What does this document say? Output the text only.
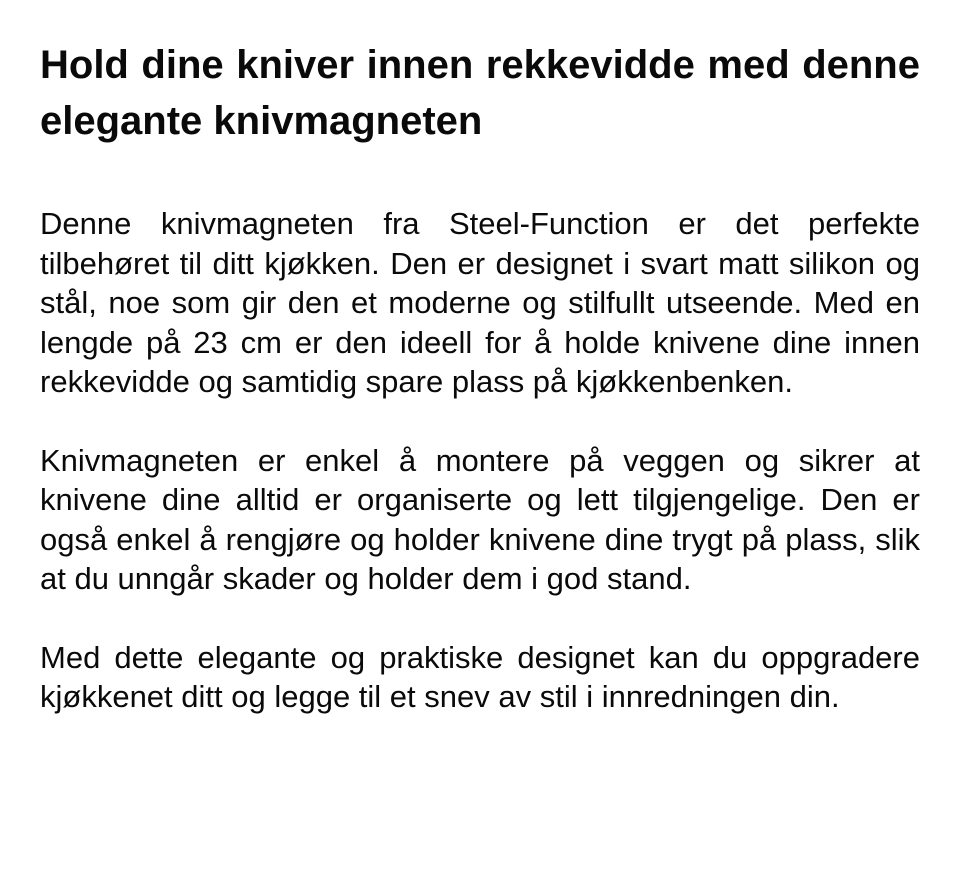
Hold dine kniver innen rekkevidde med denne elegante knivmagneten

Denne knivmagneten fra Steel-Function er det perfekte tilbehøret til ditt kjøkken. Den er designet i svart matt silikon og stål, noe som gir den et moderne og stilfullt utseende. Med en lengde på 23 cm er den ideell for å holde knivene dine innen rekkevidde og samtidig spare plass på kjøkkenbenken.

Knivmagneten er enkel å montere på veggen og sikrer at knivene dine alltid er organiserte og lett tilgjengelige. Den er også enkel å rengjøre og holder knivene dine trygt på plass, slik at du unngår skader og holder dem i god stand.

Med dette elegante og praktiske designet kan du oppgradere kjøkkenet ditt og legge til et snev av stil i innredningen din.
